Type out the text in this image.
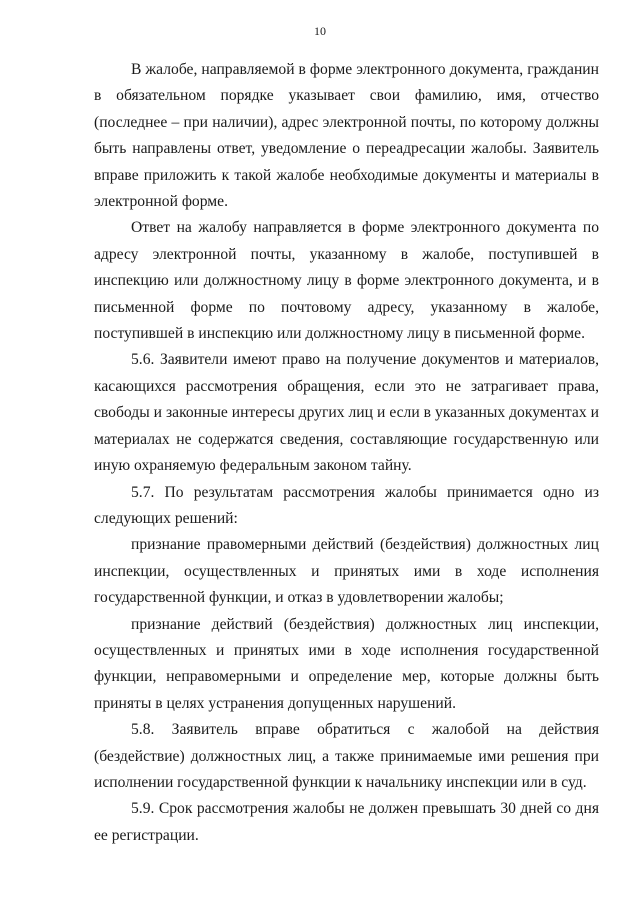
10

В жалобе, направляемой в форме электронного документа, гражданин в обязательном порядке указывает свои фамилию, имя, отчество (последнее – при наличии), адрес электронной почты, по которому должны быть направлены ответ, уведомление о переадресации жалобы. Заявитель вправе приложить к такой жалобе необходимые документы и материалы в электронной форме.

Ответ на жалобу направляется в форме электронного документа по адресу электронной почты, указанному в жалобе, поступившей в инспекцию или должностному лицу в форме электронного документа, и в письменной форме по почтовому адресу, указанному в жалобе, поступившей в инспекцию или должностному лицу в письменной форме.

5.6. Заявители имеют право на получение документов и материалов, касающихся рассмотрения обращения, если это не затрагивает права, свободы и законные интересы других лиц и если в указанных документах и материалах не содержатся сведения, составляющие государственную или иную охраняемую федеральным законом тайну.

5.7. По результатам рассмотрения жалобы принимается одно из следующих решений:

признание правомерными действий (бездействия) должностных лиц инспекции, осуществленных и принятых ими в ходе исполнения государственной функции, и отказ в удовлетворении жалобы;

признание действий (бездействия) должностных лиц инспекции, осуществленных и принятых ими в ходе исполнения государственной функции, неправомерными и определение мер, которые должны быть приняты в целях устранения допущенных нарушений.

5.8. Заявитель вправе обратиться с жалобой на действия (бездействие) должностных лиц, а также принимаемые ими решения при исполнении государственной функции к начальнику инспекции или в суд.

5.9. Срок рассмотрения жалобы не должен превышать 30 дней со дня ее регистрации.
